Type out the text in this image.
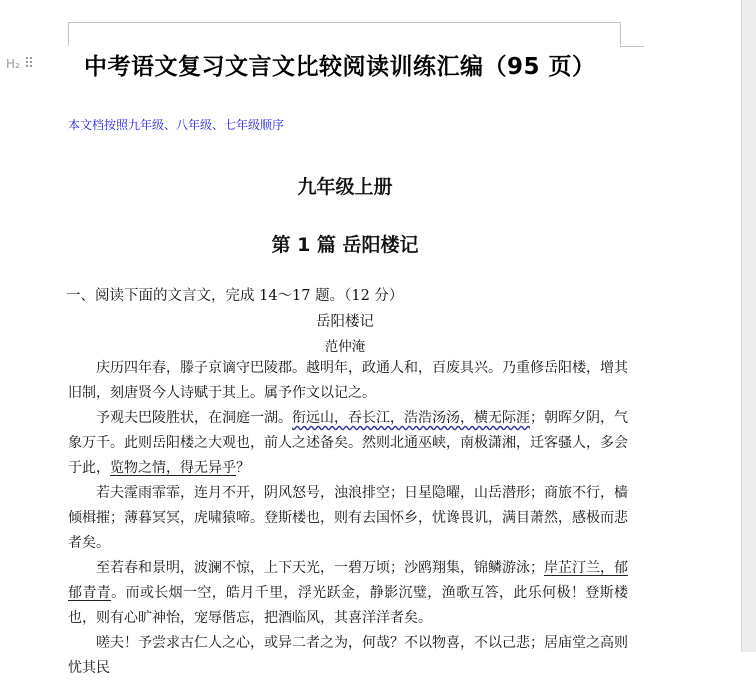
H₂ ⠿ 中考语文复习文言文比较阅读训练汇编（95 页）
本文档按照九年级、八年级、七年级顺序
九年级上册
第 1 篇 岳阳楼记
一、阅读下面的文言文，完成 14～17 题。（12 分）
岳阳楼记
范仲淹

庆历四年春，滕子京谪守巴陵郡。越明年，政通人和，百废具兴。乃重修岳阳楼，增其旧制，刻唐贤今人诗赋于其上。属予作文以记之。

予观夫巴陵胜状，在洞庭一湖。衔远山，吞长江，浩浩汤汤，横无际涯；朝晖夕阴，气象万千。此则岳阳楼之大观也，前人之述备矣。然则北通巫峡，南极潇湘，迁客骚人，多会于此，览物之情，得无异乎？

若夫霪雨霏霏，连月不开，阴风怒号，浊浪排空；日星隐曜，山岳潜形；商旅不行，樯倾楫摧；薄暮冥冥，虎啸猿啼。登斯楼也，则有去国怀乡，忧谗畏讥，满目萧然，感极而悲者矣。

至若春和景明，波澜不惊，上下天光，一碧万顷；沙鸥翔集，锦鳞游泳；岸芷汀兰，郁郁青青。而或长烟一空，皓月千里，浮光跃金，静影沉璧，渔歌互答，此乐何极！登斯楼也，则有心旷神怡，宠辱偕忘，把酒临风，其喜洋洋者矣。

嗟夫！予尝求古仁人之心，或异二者之为，何哉？不以物喜，不以己悲；居庙堂之高则忧其民
